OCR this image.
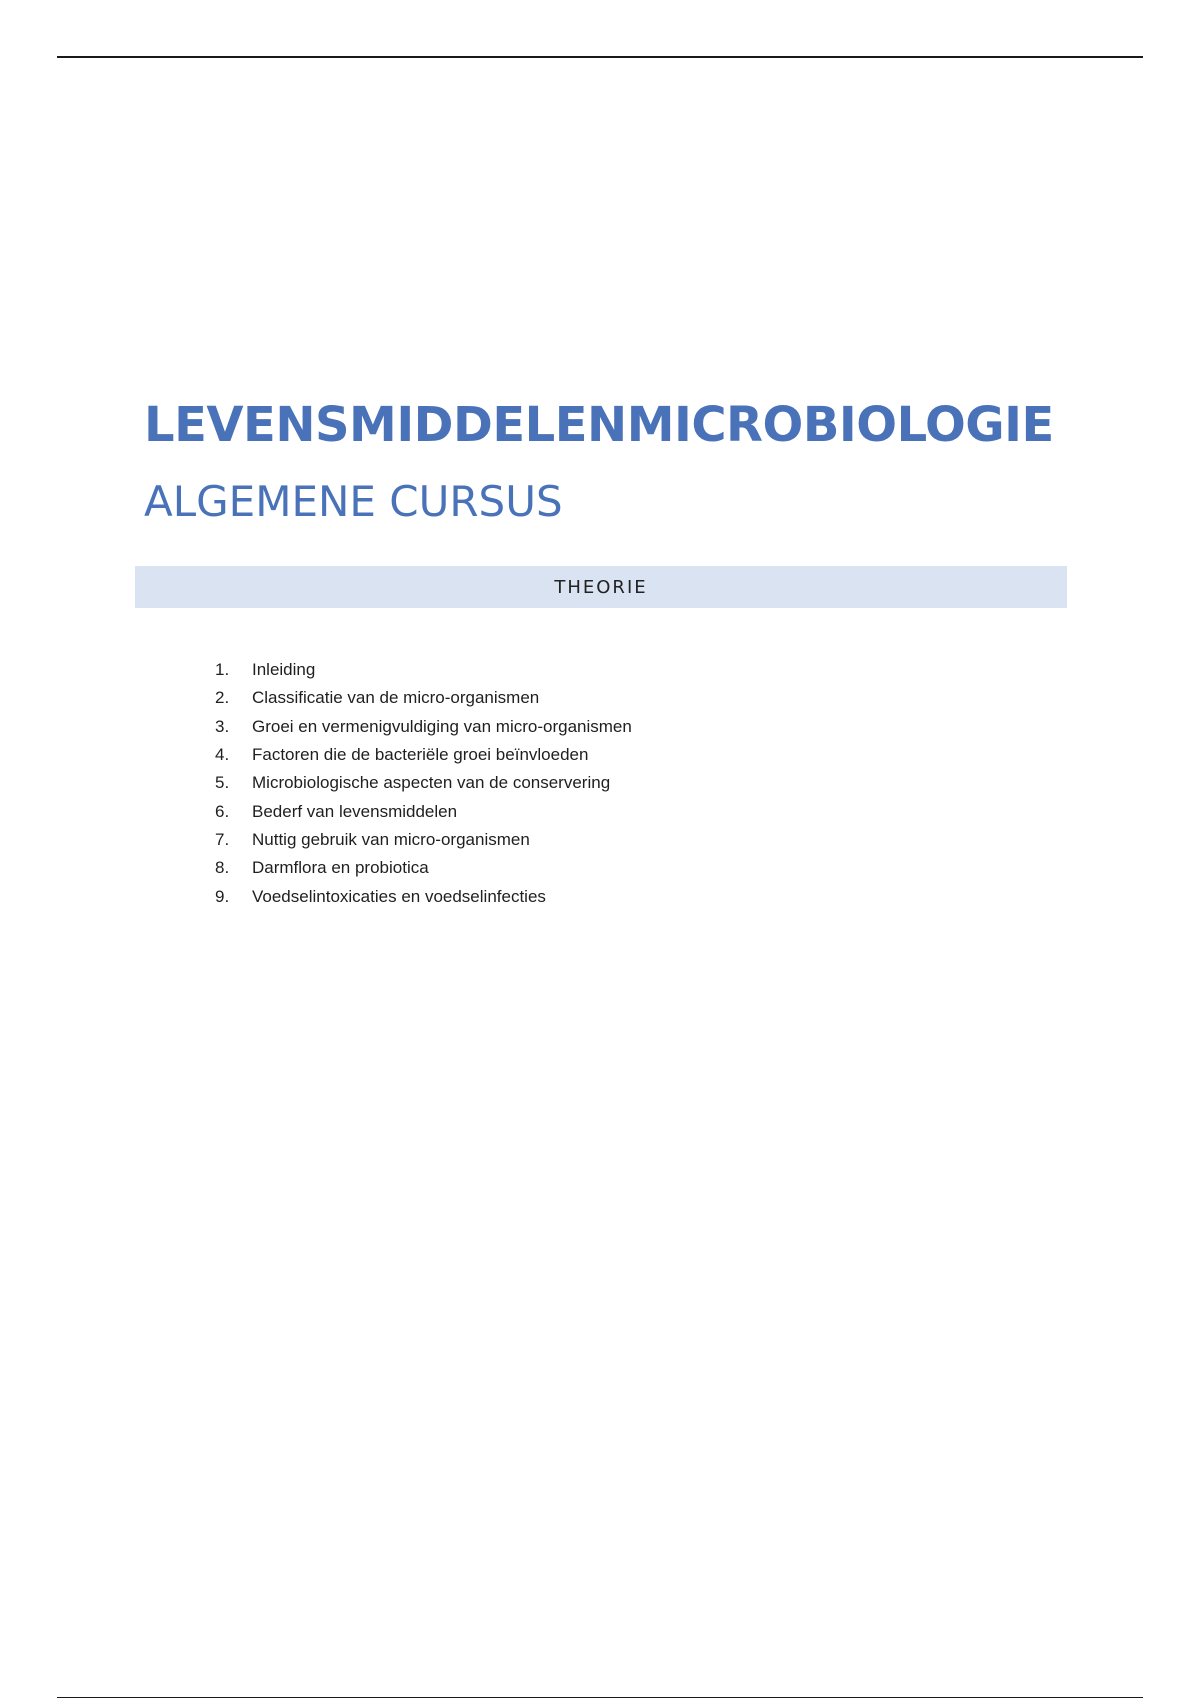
LEVENSMIDDELENMICROBIOLOGIE
ALGEMENE CURSUS
THEORIE
1.	Inleiding
2.	Classificatie van de micro-organismen
3.	Groei en vermenigvuldiging van micro-organismen
4.	Factoren die de bacteriële groei beïnvloeden
5.	Microbiologische aspecten van de conservering
6.	Bederf van levensmiddelen
7.	Nuttig gebruik van micro-organismen
8.	Darmflora en probiotica
9.	Voedselintoxicaties en voedselinfecties
